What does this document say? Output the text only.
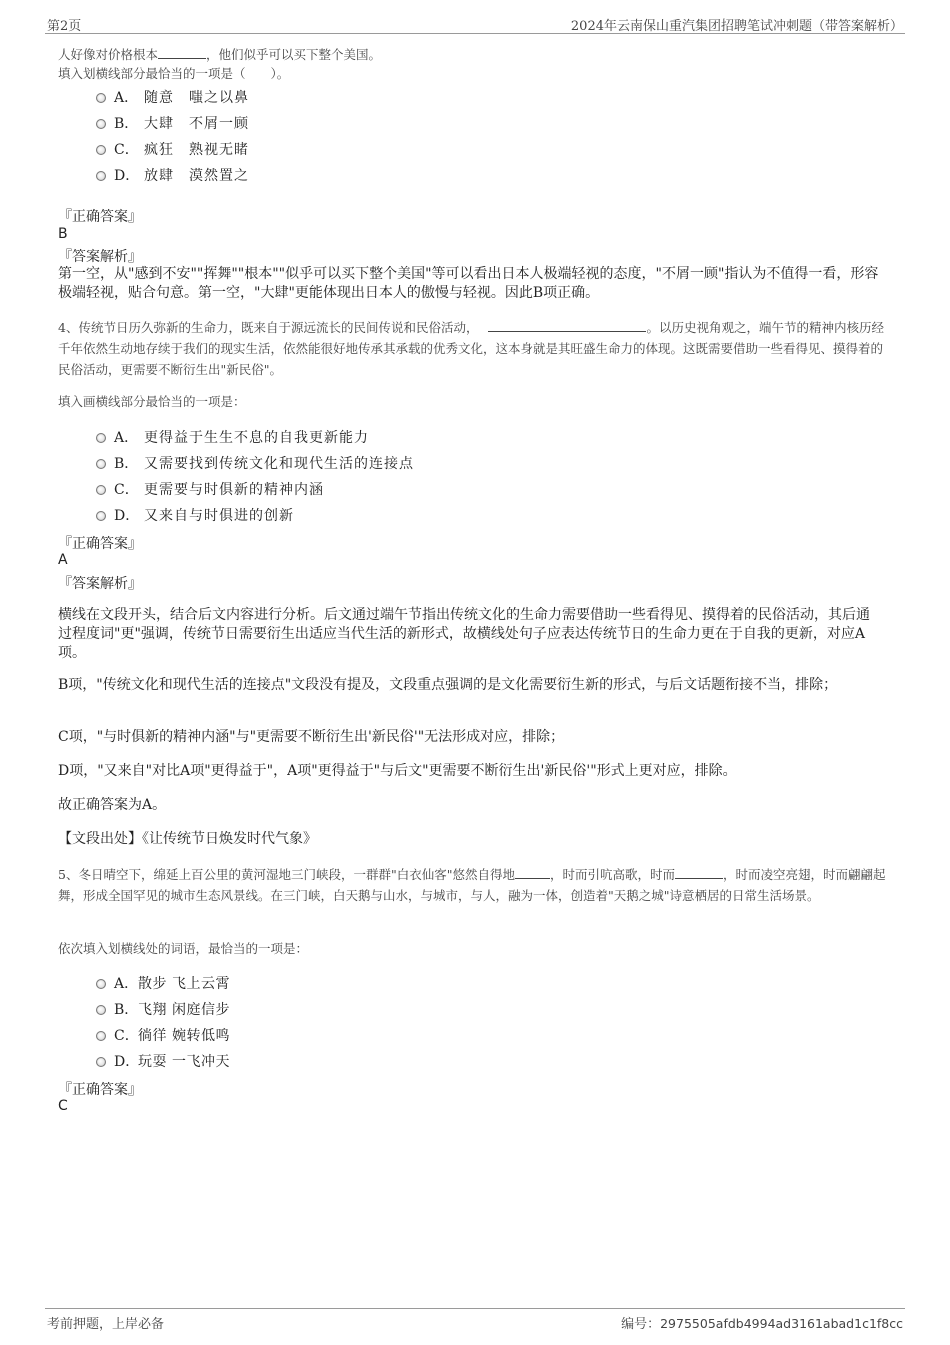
第2页	2024年云南保山重汽集团招聘笔试冲刺题（带答案解析）
人好像对价格根本	，他们似乎可以买下整个美国。
填入划横线部分最恰当的一项是（　　）。
A． 随意　嗤之以鼻
B． 大肆　不屑一顾
C． 疯狂　熟视无睹
D． 放肆　漠然置之
『正确答案』
B
『答案解析』
第一空，从"感到不安""挥舞""根本""似乎可以买下整个美国"等可以看出日本人极端轻视的态度，"不屑一顾"指认为不值得一看，形容极端轻视，贴合句意。第一空，"大肆"更能体现出日本人的傲慢与轻视。因此B项正确。
4、传统节日历久弥新的生命力，既来自于源远流长的民间传说和民俗活动，	。以历史视角观之，端午节的精神内核历经千年依然生动地存续于我们的现实生活，依然能很好地传承其承载的优秀文化，这本身就是其旺盛生命力的体现。这既需要借助一些看得见、摸得着的民俗活动，更需要不断衍生出"新民俗"。
填入画横线部分最恰当的一项是：
A． 更得益于生生不息的自我更新能力
B． 又需要找到传统文化和现代生活的连接点
C． 更需要与时俱新的精神内涵
D． 又来自与时俱进的创新
『正确答案』
A
『答案解析』
横线在文段开头，结合后文内容进行分析。后文通过端午节指出传统文化的生命力需要借助一些看得见、摸得着的民俗活动，其后通过程度词"更"强调，传统节日需要衍生出适应当代生活的新形式，故横线处句子应表达传统节日的生命力更在于自我的更新，对应A项。
B项，"传统文化和现代生活的连接点"文段没有提及，文段重点强调的是文化需要衍生新的形式，与后文话题衔接不当，排除；
C项，"与时俱新的精神内涵"与"更需要不断衍生出'新民俗'"无法形成对应，排除；
D项，"又来自"对比A项"更得益于"，A项"更得益于"与后文"更需要不断衍生出'新民俗'"形式上更对应，排除。
故正确答案为A。
【文段出处】《让传统节日焕发时代气象》
5、冬日晴空下，绵延上百公里的黄河湿地三门峡段，一群群"白衣仙客"悠然自得地	，时而引吭高歌，时而	，时而凌空亮翅，时而翩翩起舞，形成全国罕见的城市生态风景线。在三门峡，白天鹅与山水，与城市，与人，融为一体，创造着"天鹅之城"诗意栖居的日常生活场景。
依次填入划横线处的词语，最恰当的一项是：
A． 散步 飞上云霄
B． 飞翔 闲庭信步
C． 徜徉 婉转低鸣
D．
玩耍 一飞冲天
『正确答案』
C
考前押题，上岸必备	编号：2975505afdb4994ad3161abad1c1f8cc
